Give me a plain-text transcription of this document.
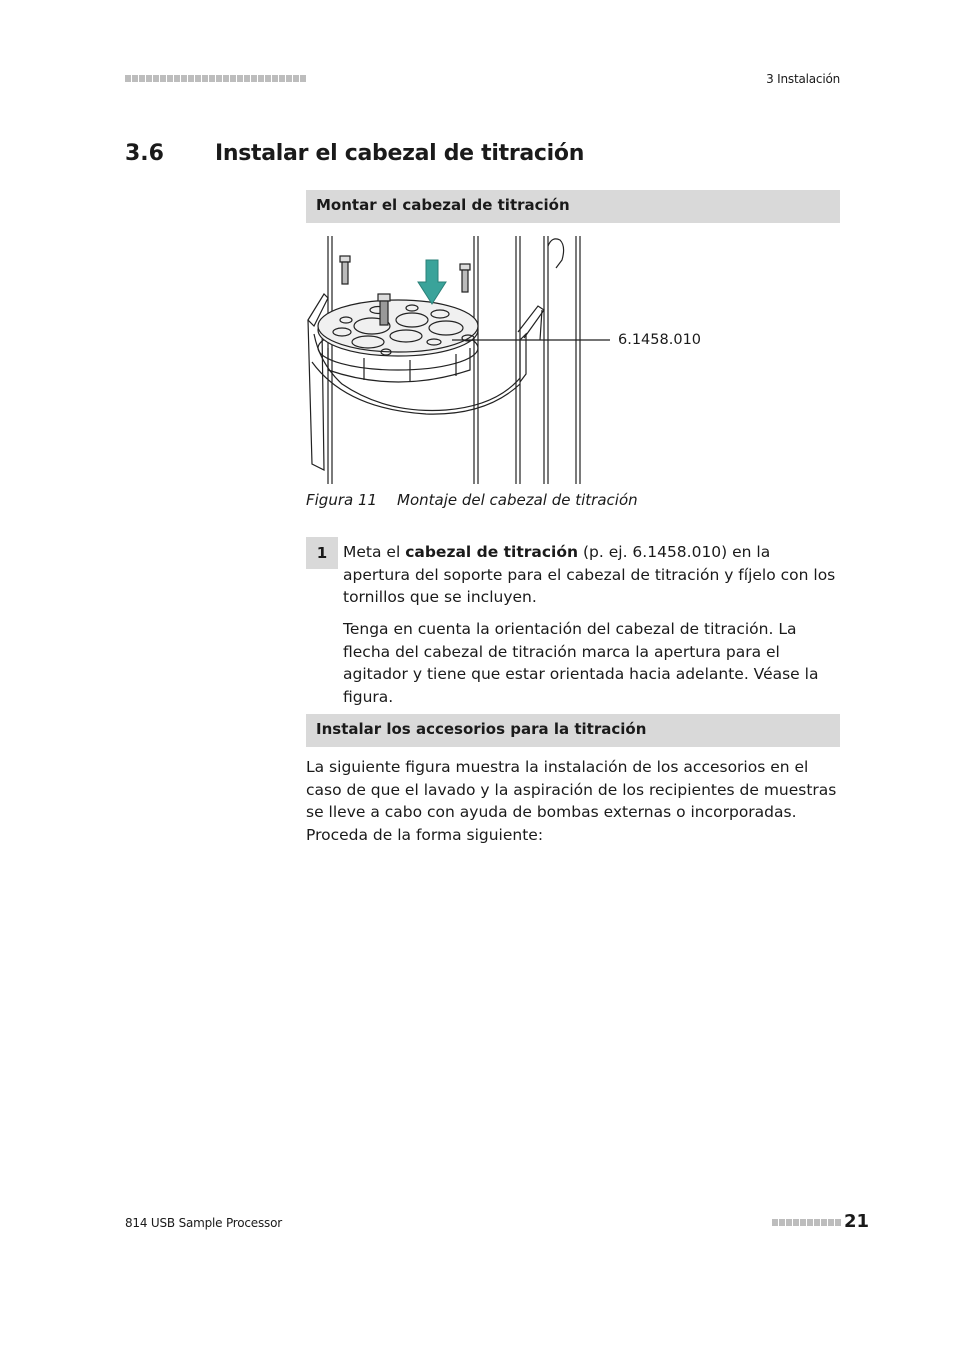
3 Instalación
3.6 Instalar el cabezal de titración
Montar el cabezal de titración
6.1458.010
Figura 11 Montaje del cabezal de titración
1	Meta el cabezal de titración (p. ej. 6.1458.010) en la apertura del soporte para el cabezal de titración y fíjelo con los tornillos que se incluyen.
Tenga en cuenta la orientación del cabezal de titración. La flecha del cabezal de titración marca la apertura para el agitador y tiene que estar orientada hacia adelante. Véase la figura.
Instalar los accesorios para la titración
La siguiente figura muestra la instalación de los accesorios en el caso de que el lavado y la aspiración de los recipientes de muestras se lleve a cabo con ayuda de bombas externas o incorporadas. Proceda de la forma siguiente:
814 USB Sample Processor	21
